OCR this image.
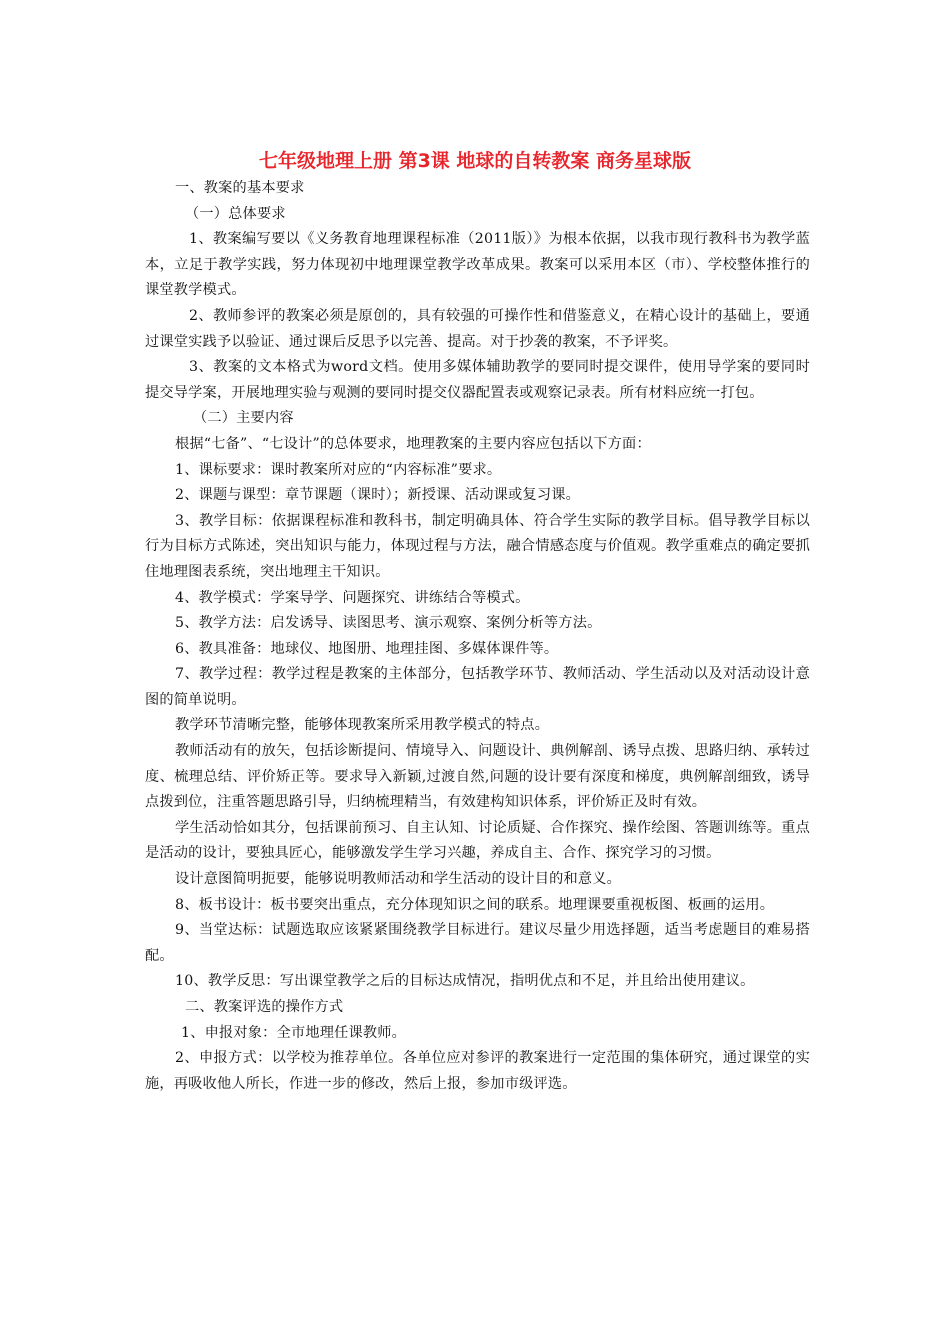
七年级地理上册 第3课 地球的自转教案 商务星球版

一、教案的基本要求

（一）总体要求

1、教案编写要以《义务教育地理课程标准（2011版）》为根本依据，以我市现行教科书为教学蓝本，立足于教学实践，努力体现初中地理课堂教学改革成果。教案可以采用本区（市）、学校整体推行的课堂教学模式。

2、教师参评的教案必须是原创的，具有较强的可操作性和借鉴意义，在精心设计的基础上，要通过课堂实践予以验证、通过课后反思予以完善、提高。对于抄袭的教案，不予评奖。

3、教案的文本格式为word文档。使用多媒体辅助教学的要同时提交课件，使用导学案的要同时提交导学案，开展地理实验与观测的要同时提交仪器配置表或观察记录表。所有材料应统一打包。

（二）主要内容

根据“七备”、“七设计”的总体要求，地理教案的主要内容应包括以下方面：

1、课标要求：课时教案所对应的“内容标准”要求。

2、课题与课型：章节课题（课时）；新授课、活动课或复习课。

3、教学目标：依据课程标准和教科书，制定明确具体、符合学生实际的教学目标。倡导教学目标以行为目标方式陈述，突出知识与能力，体现过程与方法，融合情感态度与价值观。教学重难点的确定要抓住地理图表系统，突出地理主干知识。

4、教学模式：学案导学、问题探究、讲练结合等模式。

5、教学方法：启发诱导、读图思考、演示观察、案例分析等方法。

6、教具准备：地球仪、地图册、地理挂图、多媒体课件等。

7、教学过程：教学过程是教案的主体部分，包括教学环节、教师活动、学生活动以及对活动设计意图的简单说明。

教学环节清晰完整，能够体现教案所采用教学模式的特点。

教师活动有的放矢，包括诊断提问、情境导入、问题设计、典例解剖、诱导点拨、思路归纳、承转过度、梳理总结、评价矫正等。要求导入新颖,过渡自然,问题的设计要有深度和梯度，典例解剖细致，诱导点拨到位，注重答题思路引导，归纳梳理精当，有效建构知识体系，评价矫正及时有效。

学生活动恰如其分，包括课前预习、自主认知、讨论质疑、合作探究、操作绘图、答题训练等。重点是活动的设计，要独具匠心，能够激发学生学习兴趣，养成自主、合作、探究学习的习惯。

设计意图简明扼要，能够说明教师活动和学生活动的设计目的和意义。

8、板书设计：板书要突出重点，充分体现知识之间的联系。地理课要重视板图、板画的运用。

9、当堂达标：试题选取应该紧紧围绕教学目标进行。建议尽量少用选择题，适当考虑题目的难易搭配。

10、教学反思：写出课堂教学之后的目标达成情况，指明优点和不足，并且给出使用建议。

二、教案评选的操作方式

1、申报对象：全市地理任课教师。

2、申报方式：以学校为推荐单位。各单位应对参评的教案进行一定范围的集体研究，通过课堂的实施，再吸收他人所长，作进一步的修改，然后上报，参加市级评选。
